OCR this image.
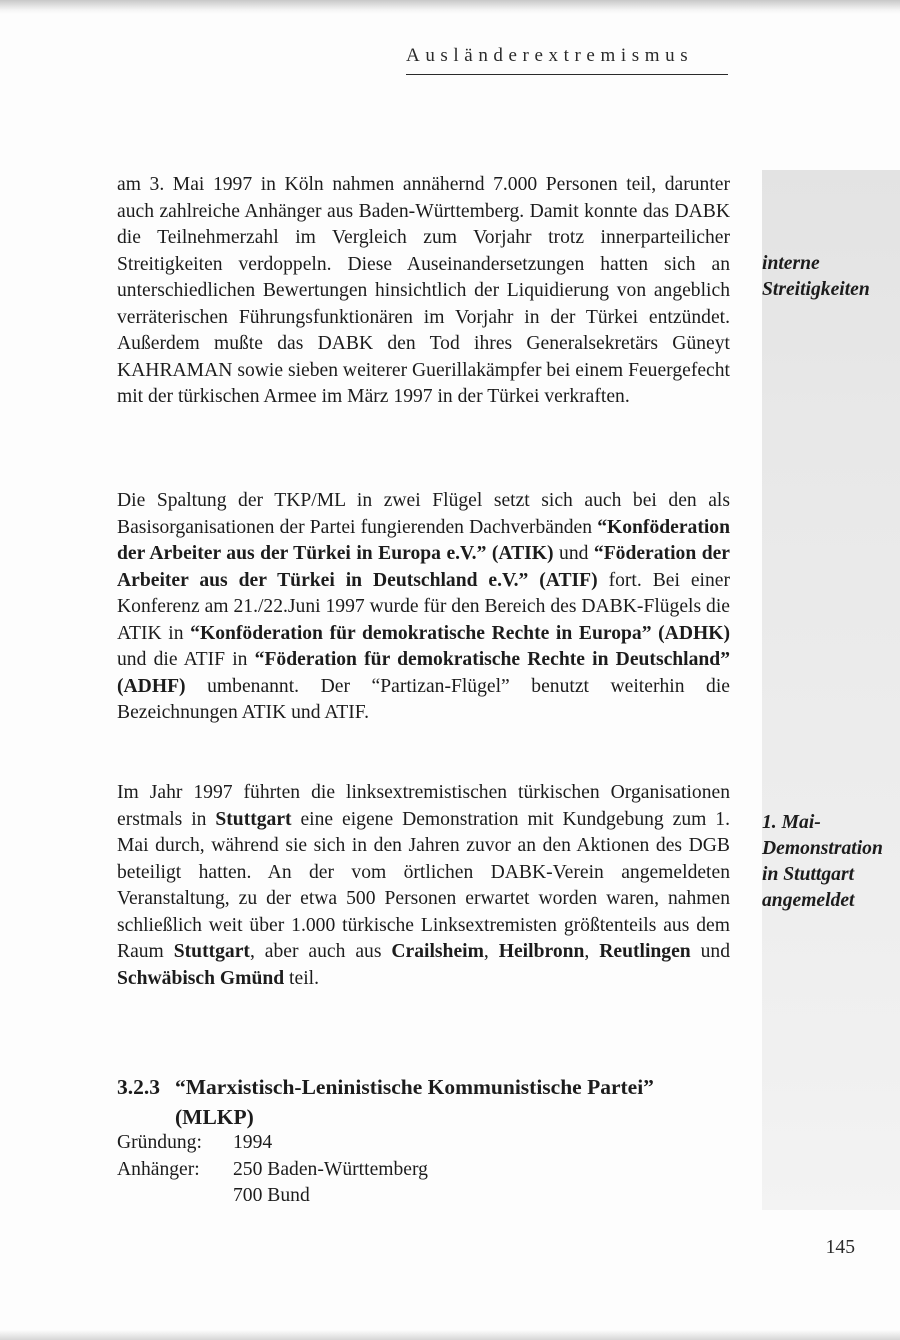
Ausländerextremismus

am 3. Mai 1997 in Köln nahmen annähernd 7.000 Personen teil, darunter auch zahlreiche Anhänger aus Baden-Württemberg. Damit konnte das DABK die Teilnehmerzahl im Vergleich zum Vorjahr trotz innerparteilicher Streitigkeiten verdoppeln. Diese Auseinandersetzungen hatten sich an unterschiedlichen Bewertungen hinsichtlich der Liquidierung von angeblich verräterischen Führungsfunktionären im Vorjahr in der Türkei entzündet. Außerdem mußte das DABK den Tod ihres Generalsekretärs Güneyt KAHRAMAN sowie sieben weiterer Guerillakämpfer bei einem Feuergefecht mit der türkischen Armee im März 1997 in der Türkei verkraften.

Die Spaltung der TKP/ML in zwei Flügel setzt sich auch bei den als Basisorganisationen der Partei fungierenden Dachverbänden “Konföderation der Arbeiter aus der Türkei in Europa e.V.” (ATIK) und “Föderation der Arbeiter aus der Türkei in Deutschland e.V.” (ATIF) fort. Bei einer Konferenz am 21./22.Juni 1997 wurde für den Bereich des DABK-Flügels die ATIK in “Konföderation für demokratische Rechte in Europa” (ADHK) und die ATIF in “Föderation für demokratische Rechte in Deutschland” (ADHF) umbenannt. Der “Partizan-Flügel” benutzt weiterhin die Bezeichnungen ATIK und ATIF.

Im Jahr 1997 führten die linksextremistischen türkischen Organisationen erstmals in Stuttgart eine eigene Demonstration mit Kundgebung zum 1. Mai durch, während sie sich in den Jahren zuvor an den Aktionen des DGB beteiligt hatten. An der vom örtlichen DABK-Verein angemeldeten Veranstaltung, zu der etwa 500 Personen erwartet worden waren, nahmen schließlich weit über 1.000 türkische Linksextremisten größtenteils aus dem Raum Stuttgart, aber auch aus Crailsheim, Heilbronn, Reutlingen und Schwäbisch Gmünd teil.

interne Streitigkeiten
1. Mai-Demonstration in Stuttgart angemeldet
3.2.3 “Marxistisch-Leninistische Kommunistische Partei”
(MLKP)
Gründung: 1994
Anhänger: 250 Baden-Württemberg
700 Bund
145
